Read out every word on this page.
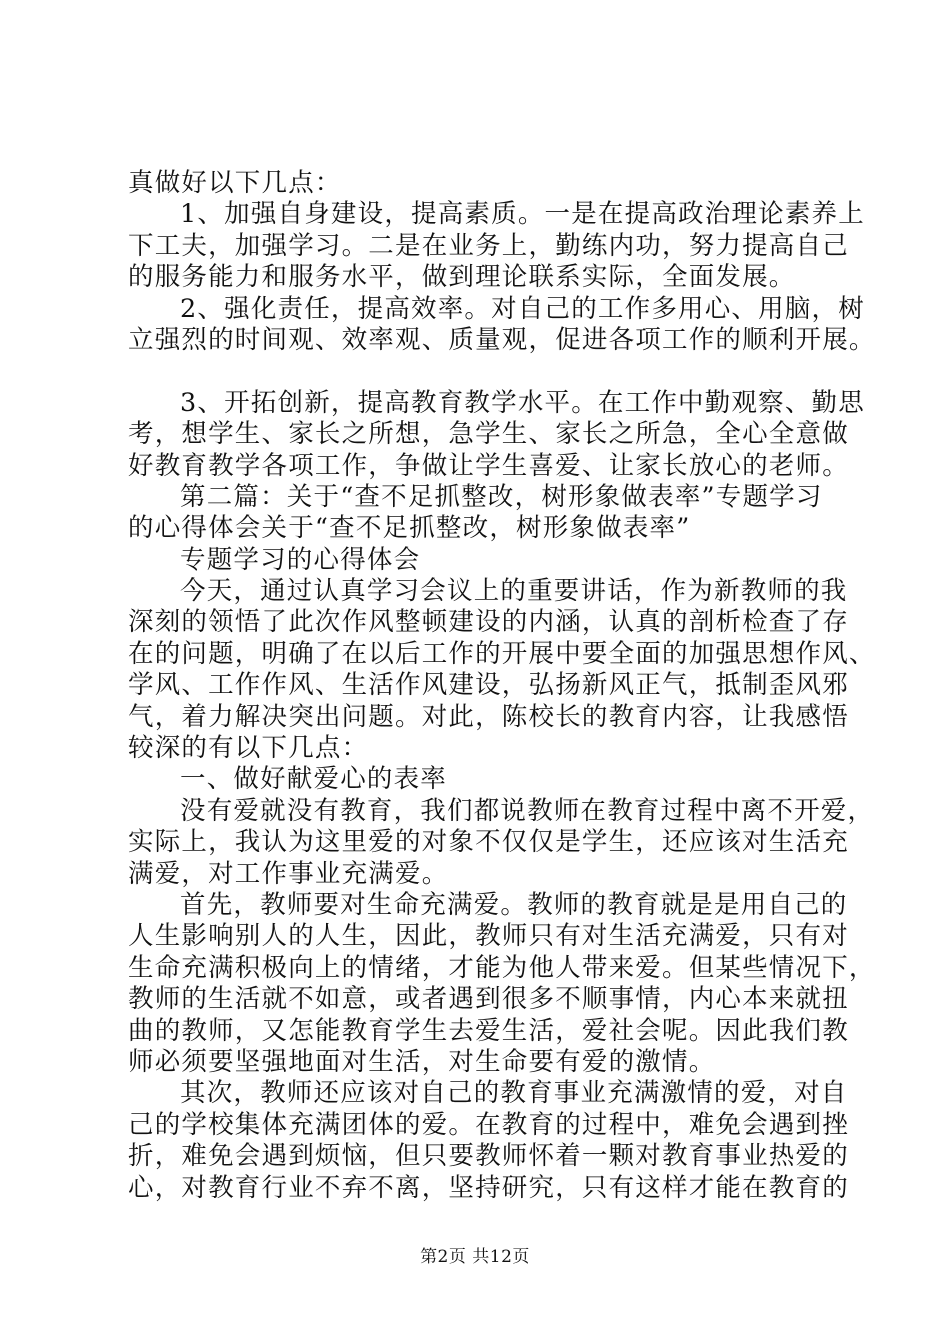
真做好以下几点：
1、加强自身建设，提高素质。一是在提高政治理论素养上
下工夫，加强学习。二是在业务上，勤练内功，努力提高自己
的服务能力和服务水平，做到理论联系实际，全面发展。
2、强化责任，提高效率。对自己的工作多用心、用脑，树
立强烈的时间观、效率观、质量观，促进各项工作的顺利开展。
3、开拓创新，提高教育教学水平。在工作中勤观察、勤思
考，想学生、家长之所想，急学生、家长之所急，全心全意做
好教育教学各项工作，争做让学生喜爱、让家长放心的老师。
第二篇：关于“查不足抓整改，树形象做表率”专题学习
的心得体会关于“查不足抓整改，树形象做表率”
专题学习的心得体会
今天，通过认真学习会议上的重要讲话，作为新教师的我
深刻的领悟了此次作风整顿建设的内涵，认真的剖析检查了存
在的问题，明确了在以后工作的开展中要全面的加强思想作风、
学风、工作作风、生活作风建设，弘扬新风正气，抵制歪风邪
气，着力解决突出问题。对此，陈校长的教育内容，让我感悟
较深的有以下几点：
一、做好献爱心的表率
没有爱就没有教育，我们都说教师在教育过程中离不开爱，
实际上，我认为这里爱的对象不仅仅是学生，还应该对生活充
满爱，对工作事业充满爱。
首先，教师要对生命充满爱。教师的教育就是是用自己的
人生影响别人的人生，因此，教师只有对生活充满爱，只有对
生命充满积极向上的情绪，才能为他人带来爱。但某些情况下，
教师的生活就不如意，或者遇到很多不顺事情，内心本来就扭
曲的教师，又怎能教育学生去爱生活，爱社会呢。因此我们教
师必须要坚强地面对生活，对生命要有爱的激情。
其次，教师还应该对自己的教育事业充满激情的爱，对自
己的学校集体充满团体的爱。在教育的过程中，难免会遇到挫
折，难免会遇到烦恼，但只要教师怀着一颗对教育事业热爱的
心，对教育行业不弃不离，坚持研究，只有这样才能在教育的
第2页 共12页
